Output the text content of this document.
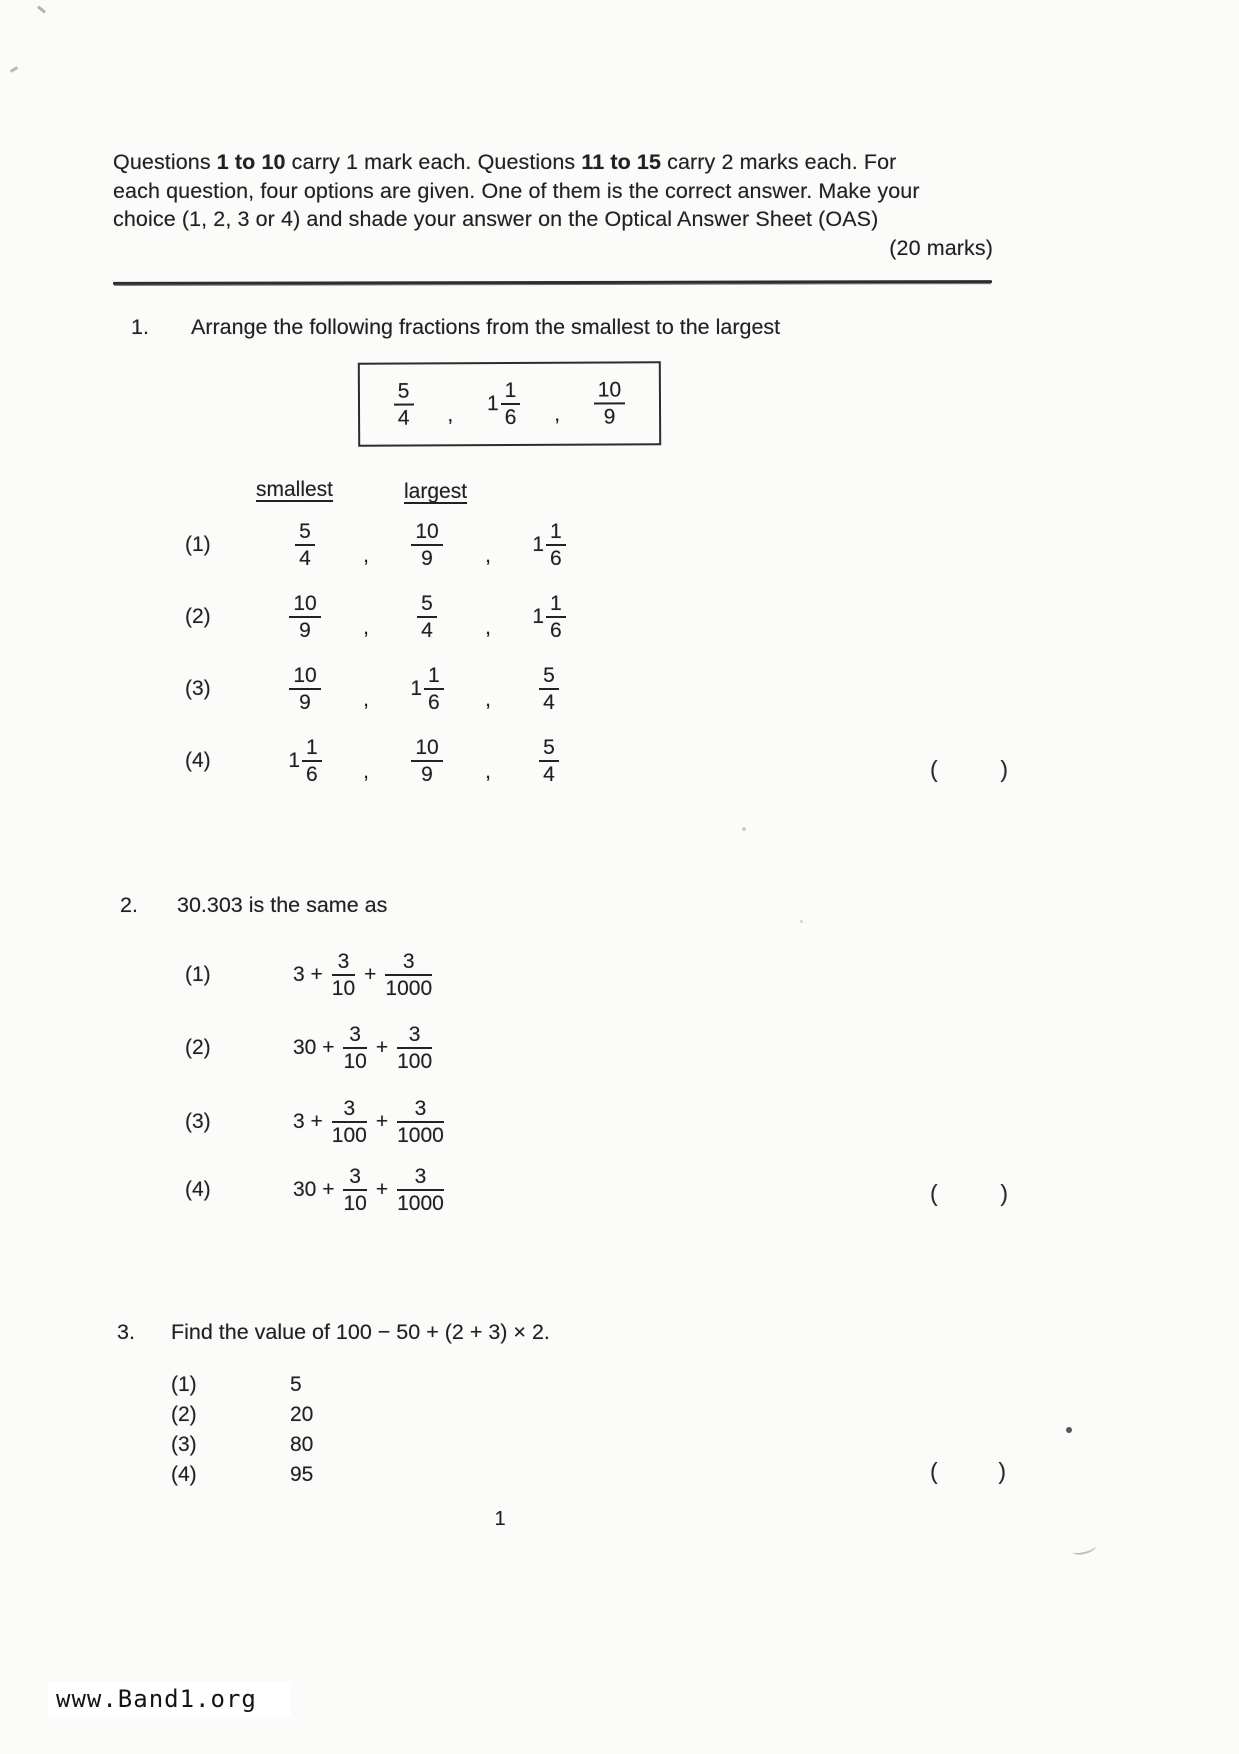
Questions 1 to 10 carry 1 mark each. Questions 11 to 15 carry 2 marks each. For
each question, four options are given. One of them is the correct answer. Make your
choice (1, 2, 3 or 4) and shade your answer on the Optical Answer Sheet (OAS)
(20 marks)
1. Arrange the following fractions from the smallest to the largest
$\frac{5}{4}$ , $1 \frac{1}{6}$ , $\frac{10}{9}$
smallest	largest
(1)	$\frac{5}{4}$	,	$\frac{10}{9}$	,	$1 \frac{1}{6}$
(2)	$\frac{10}{9}$	,	$\frac{5}{4}$	,	$1 \frac{1}{6}$
(3)	$\frac{10}{9}$	,	$1 \frac{1}{6}$	,	$\frac{5}{4}$
(4)	$1 \frac{1}{6}$	,	$\frac{10}{9}$	,	$\frac{5}{4}$	(	)
2. 30.303 is the same as
(1)	$3 + \frac{3}{10} + \frac{3}{1000}$
(2)	$30 + \frac{3}{10} + \frac{3}{100}$
(3)	$3 + \frac{3}{100} + \frac{3}{1000}$
(4)	$30 + \frac{3}{10} + \frac{3}{1000}$	(	)
3. Find the value of 100 − 50 + (2 + 3) × 2.
(1)	5
(2)	20
(3)	80
(4)	95	(	)
1
www.Band1.org
